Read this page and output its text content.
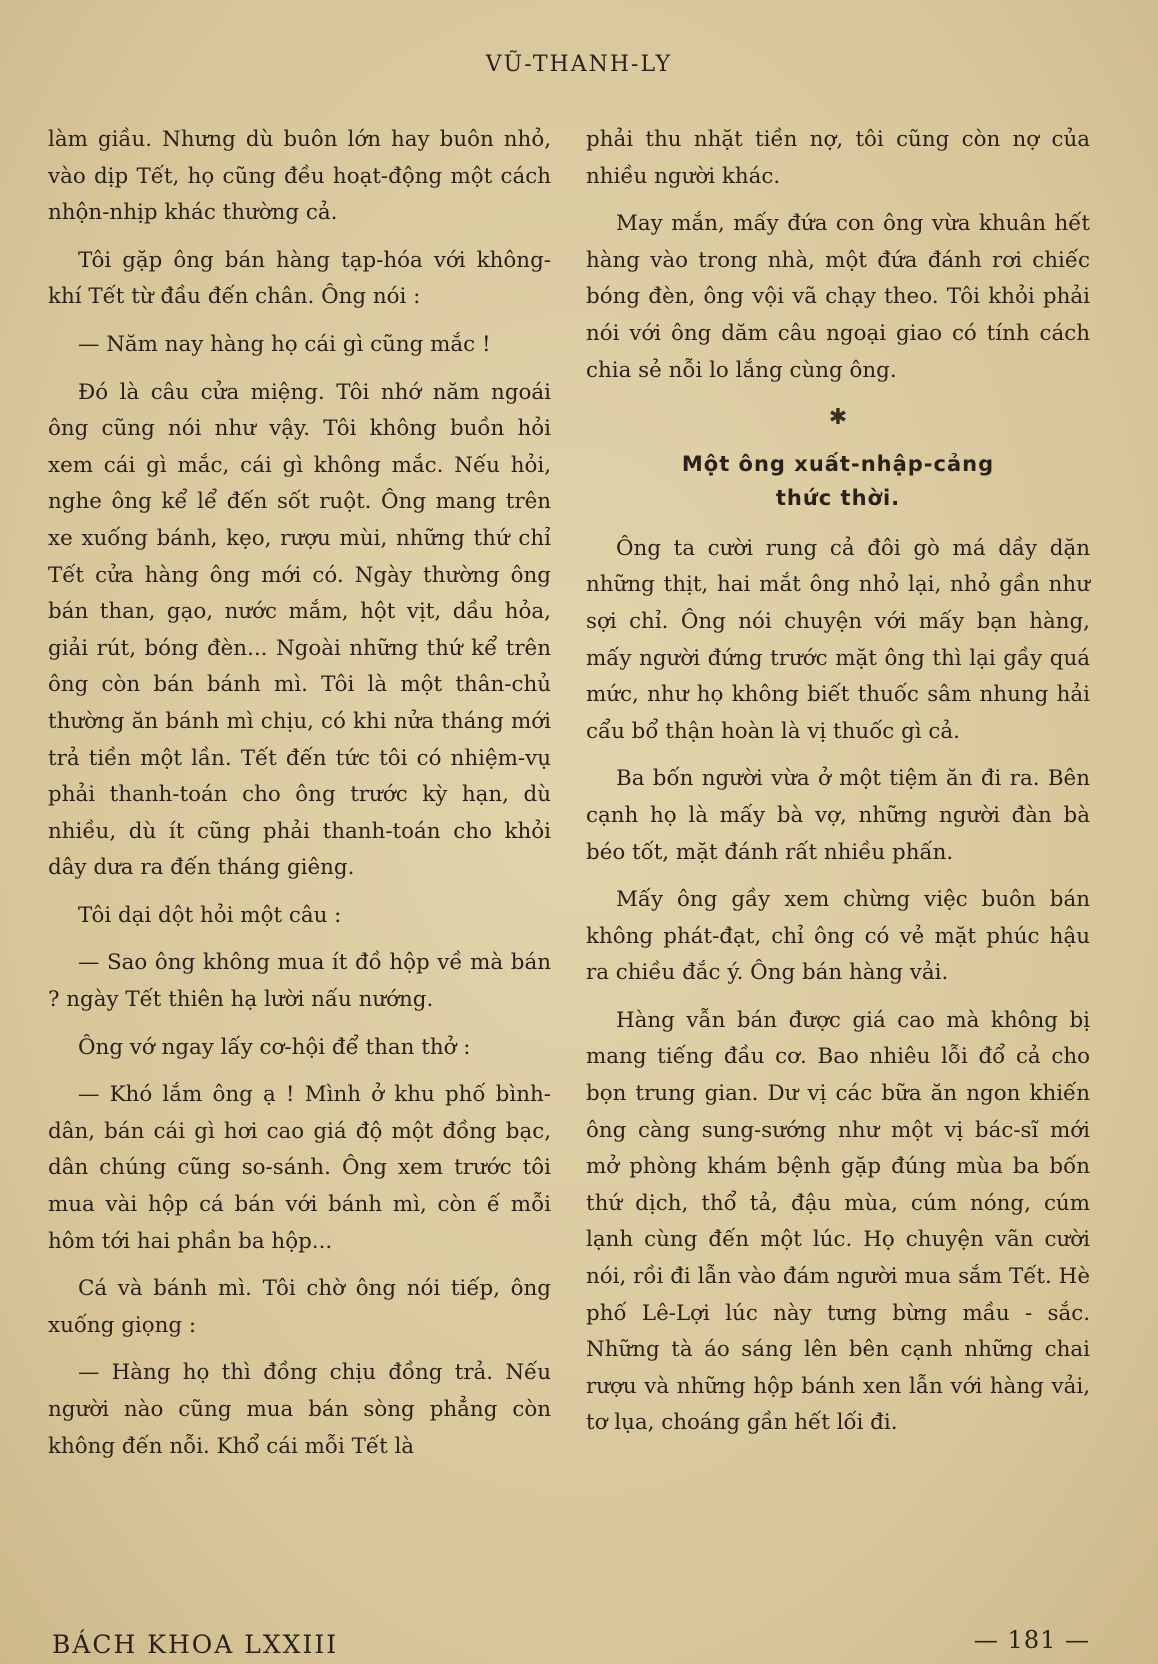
VŨ-THANH-LY

làm giầu. Nhưng dù buôn lớn hay buôn nhỏ, vào dịp Tết, họ cũng đều hoạt-động một cách nhộn-nhịp khác thường cả.

Tôi gặp ông bán hàng tạp-hóa với không-khí Tết từ đầu đến chân. Ông nói :

— Năm nay hàng họ cái gì cũng mắc !

Đó là câu cửa miệng. Tôi nhớ năm ngoái ông cũng nói như vậy. Tôi không buồn hỏi xem cái gì mắc, cái gì không mắc. Nếu hỏi, nghe ông kể lể đến sốt ruột. Ông mang trên xe xuống bánh, kẹo, rượu mùi, những thứ chỉ Tết cửa hàng ông mới có. Ngày thường ông bán than, gạo, nước mắm, hột vịt, dầu hỏa, giải rút, bóng đèn... Ngoài những thứ kể trên ông còn bán bánh mì. Tôi là một thân-chủ thường ăn bánh mì chịu, có khi nửa tháng mới trả tiền một lần. Tết đến tức tôi có nhiệm-vụ phải thanh-toán cho ông trước kỳ hạn, dù nhiều, dù ít cũng phải thanh-toán cho khỏi dây dưa ra đến tháng giêng.

Tôi dại dột hỏi một câu :

— Sao ông không mua ít đồ hộp về mà bán ? ngày Tết thiên hạ lười nấu nướng.

Ông vớ ngay lấy cơ-hội để than thở :

— Khó lắm ông ạ ! Mình ở khu phố bình-dân, bán cái gì hơi cao giá độ một đồng bạc, dân chúng cũng so-sánh. Ông xem trước tôi mua vài hộp cá bán với bánh mì, còn ế mỗi hôm tới hai phần ba hộp...

Cá và bánh mì. Tôi chờ ông nói tiếp, ông xuống giọng :

— Hàng họ thì đồng chịu đồng trả. Nếu người nào cũng mua bán sòng phẳng còn không đến nỗi. Khổ cái mỗi Tết là

phải thu nhặt tiền nợ, tôi cũng còn nợ của nhiều người khác.

May mắn, mấy đứa con ông vừa khuân hết hàng vào trong nhà, một đứa đánh rơi chiếc bóng đèn, ông vội vã chạy theo. Tôi khỏi phải nói với ông dăm câu ngoại giao có tính cách chia sẻ nỗi lo lắng cùng ông.

✱
Một ông xuất-nhập-cảng
thức thời.

Ông ta cười rung cả đôi gò má dầy dặn những thịt, hai mắt ông nhỏ lại, nhỏ gần như sợi chỉ. Ông nói chuyện với mấy bạn hàng, mấy người đứng trước mặt ông thì lại gầy quá mức, như họ không biết thuốc sâm nhung hải cẩu bổ thận hoàn là vị thuốc gì cả.

Ba bốn người vừa ở một tiệm ăn đi ra. Bên cạnh họ là mấy bà vợ, những người đàn bà béo tốt, mặt đánh rất nhiều phấn.

Mấy ông gầy xem chừng việc buôn bán không phát-đạt, chỉ ông có vẻ mặt phúc hậu ra chiều đắc ý. Ông bán hàng vải.

Hàng vẫn bán được giá cao mà không bị mang tiếng đầu cơ. Bao nhiêu lỗi đổ cả cho bọn trung gian. Dư vị các bữa ăn ngon khiến ông càng sung-sướng như một vị bác-sĩ mới mở phòng khám bệnh gặp đúng mùa ba bốn thứ dịch, thổ tả, đậu mùa, cúm nóng, cúm lạnh cùng đến một lúc. Họ chuyện vãn cười nói, rồi đi lẫn vào đám người mua sắm Tết. Hè phố Lê-Lợi lúc này tưng bừng mầu - sắc. Những tà áo sáng lên bên cạnh những chai rượu và những hộp bánh xen lẫn với hàng vải, tơ lụa, choáng gần hết lối đi.

BÁCH KHOA LXXIII	— 181 —
